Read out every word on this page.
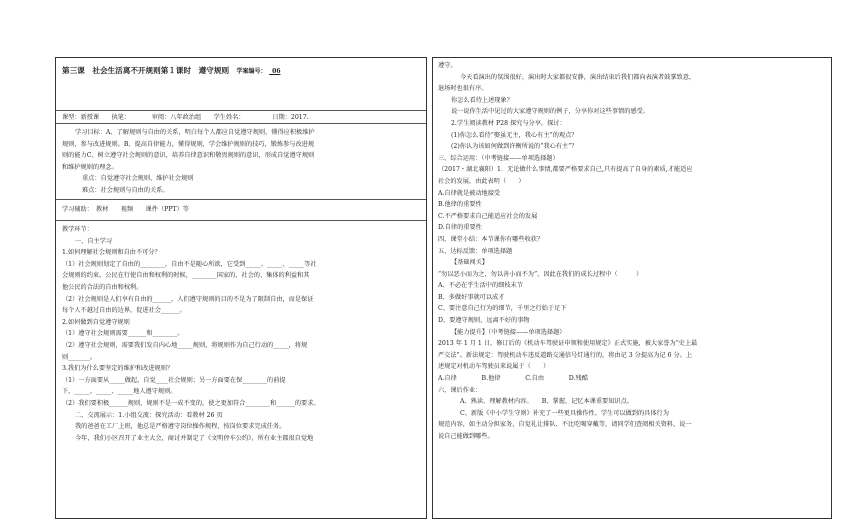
第三课　社会生活离不开规则第１课时　遵守规则 学案编号： _06
课型：新授课　　执笔：　　　　审阅：八年政治组　　学生姓名：　　　　　日期：2017.
学习目标：A、了解规则与自由的关系，明白每个人都应自觉遵守规则，懂得应积极维护
规则，参与改进规则。B、提高自律能力，懂得规则，学会维护规则的技巧，锻炼参与改进规
则的能力C、树立遵守社会规则的意识，培养自律意识和敬畏规则的意识，形成自觉遵守规则
和维护规则的理念。
重点：自觉遵守社会规则、维护社会规则
难点：社会规则与自由的关系。
学习辅助：　教材　　视频　　课件（PPT）等
教学环节：
一、自主学习
1.如何理解社会规则和自由不可分？
（1）社会规则划定了自由的________，自由不是随心所欲，它受到_____、_____、_____等社
会规则的约束。公民在行使自由和权利的时候，________国家的、社会的、集体的利益和其
他公民的合法的自由和权利。
（2）社会规则是人们享有自由的______，人们遵守规则的目的不是为了限制自由，而是保证
每个人不越过自由的边界，促进社会______。
2.如何做到自觉遵守规则
（1）遵守社会规则需要______和________。
（2）遵守社会规则，需要我们发自内心地_____规则，将规则作为自己行动的_____，将规
则_______。
3.我们为什么要坚定的维护和改进规则？
（1）一方面要从_____做起，自觉____社会规则；另一方面要在保________的前提
下，_____、_____、_____地人遵守规则。
（2）我们要积极______规则，规则不是一成不变的，使之更加符合________和______的要求。
二、交流展示：1.小组交流：探究活动：看教材 26 页
我的爸爸在工厂上班，他总是严格遵守岗位操作规程，按岗位要求完成任务。
今年，我们小区召开了业主大会，商讨并制定了《文明停车公约》，所有业主都很自觉地
遵守。
今天看演出的氛围很好，演出时大家都很安静，演出结束后我们都向表演者鼓掌致意，
退场时也很有序。
你怎么看待上述现象？
说一说你生活中见过的大家遵守规则的例子，分享你对这些事情的感受。
2.学生阅读教材 P28 探究与分享，探讨：
(1)你怎么看待“娶虽无主，我心有主”的观点？
(2)你认为该如何做到许衡所说的“我心有主”？
三、综合运用：（中考链接——单项选择题）
（2017・湖北襄阳）1．无论做什么事情,都要严格要求自己,只有提高了自身的素质,才能适应
社会的发展。由此表明（　　）
A.自律就是被动地接受
B.他律的重要性
C.不严格要求自己能适应社会的发展
D.自律的重要性
四、课堂小结：本节课你有哪些收获？
五、达标反馈：单项选择题
【基础闯关】
“勿以恶小而为之，勿以善小而不为”，因此在我们的成长过程中（　　　）
A、不必在乎生活中的细枝末节
B、多做好事就可以成才
C、要注意自己行为的细节，千里之行始于足下
D、要遵守规则，远离不好的事物
【能力提升】（中考链接——单项选择题）
2013 年 1 月 1 日，修订后的《机动车驾驶证申领和使用规定》正式实施，被大家誉为“史上最
严交法”。新法规定：驾驶机动车违反道路交通信号灯通行的，将由记 3 分提高为记 6 分。上
述规定对机动车驾驶员来说属于（　　）
A.自律　　　　B.他律　　　　C.自由　　　　D.残酷
六、课后作业：
A、熟读、理解教材内容。　　B、掌握、记忆本课重要知识点。
C、新版《中小学生守则》补充了一些更具操作性、学生可以做到的具体行为
规范内容，如主动分担家务，自觉礼让排队、不比吃喝穿戴等，请同学们查阅相关资料，说一
说自己能做到哪些。
